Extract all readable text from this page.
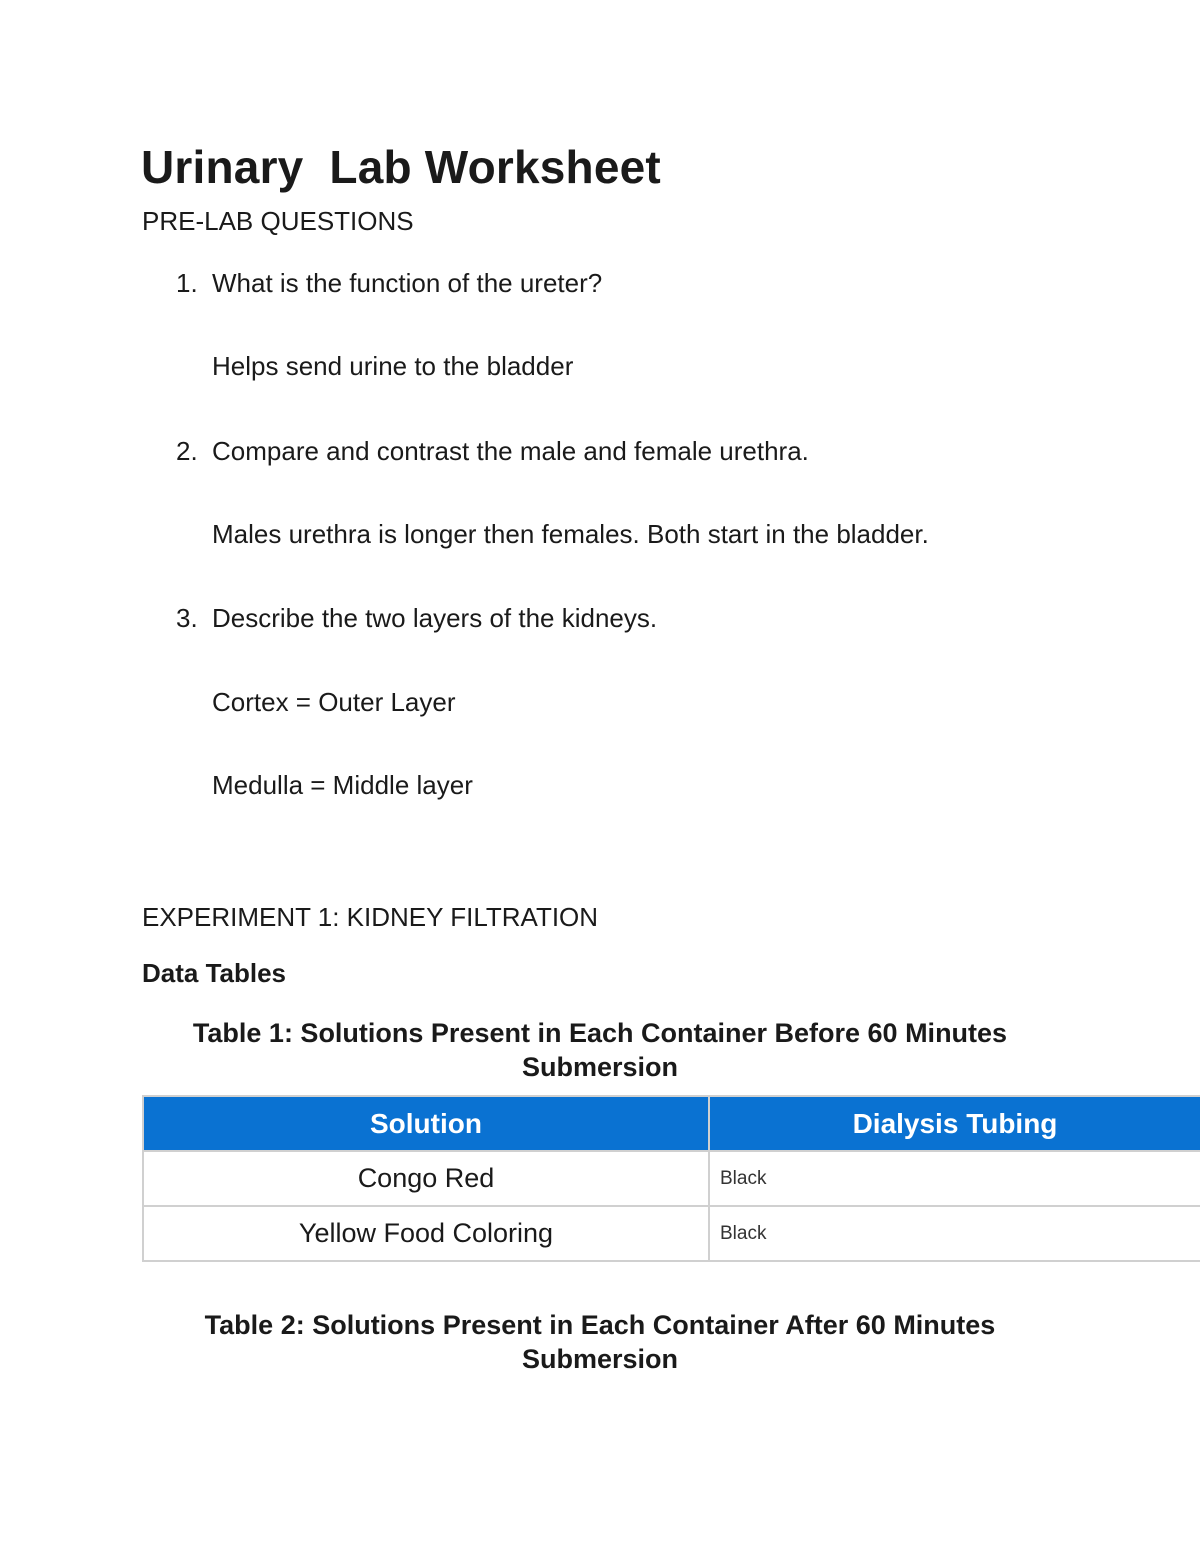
Urinary  Lab Worksheet

PRE-LAB QUESTIONS

1. What is the function of the ureter?

Helps send urine to the bladder

2. Compare and contrast the male and female urethra.

Males urethra is longer then females. Both start in the bladder.

3. Describe the two layers of the kidneys.

Cortex = Outer Layer

Medulla = Middle layer

EXPERIMENT 1: KIDNEY FILTRATION

Data Tables

Table 1: Solutions Present in Each Container Before 60 Minutes
Submersion

Solution	Dialysis Tubing
Congo Red	Black
Yellow Food Coloring	Black

Table 2: Solutions Present in Each Container After 60 Minutes
Submersion
